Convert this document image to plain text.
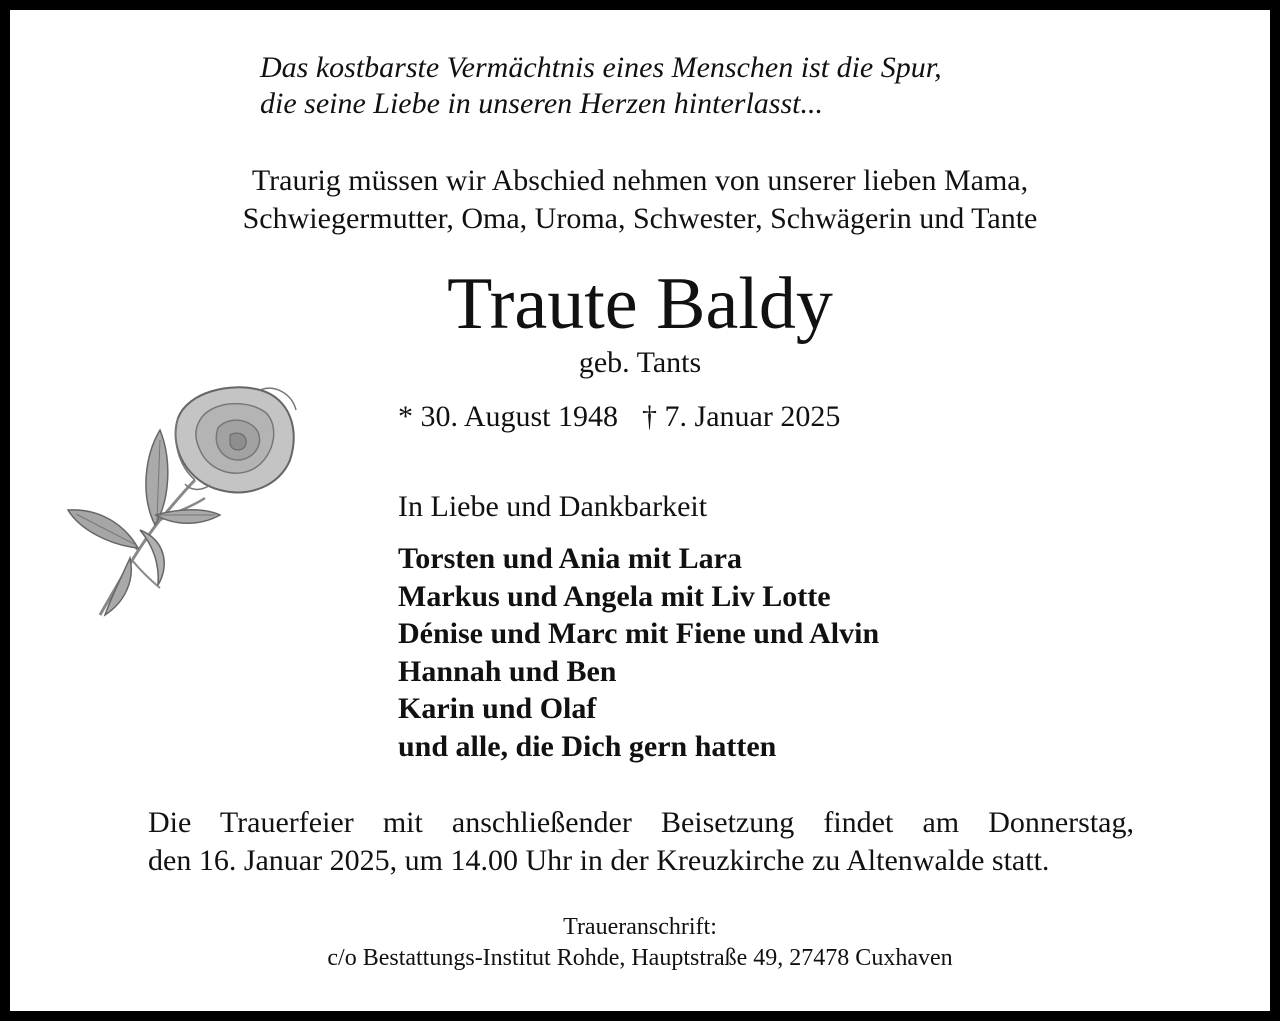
Das kostbarste Vermächtnis eines Menschen ist die Spur,
die seine Liebe in unseren Herzen hinterlasst...
Traurig müssen wir Abschied nehmen von unserer lieben Mama,
Schwiegermutter, Oma, Uroma, Schwester, Schwägerin und Tante
Traute Baldy
geb. Tants
* 30. August 1948 † 7. Januar 2025
In Liebe und Dankbarkeit
Torsten und Ania mit Lara
Markus und Angela mit Liv Lotte
Dénise und Marc mit Fiene und Alvin
Hannah und Ben
Karin und Olaf
und alle, die Dich gern hatten
Die Trauerfeier mit anschließender Beisetzung findet am Donnerstag,
den 16. Januar 2025, um 14.00 Uhr in der Kreuzkirche zu Altenwalde statt.
Traueranschrift:
c/o Bestattungs-Institut Rohde, Hauptstraße 49, 27478 Cuxhaven
